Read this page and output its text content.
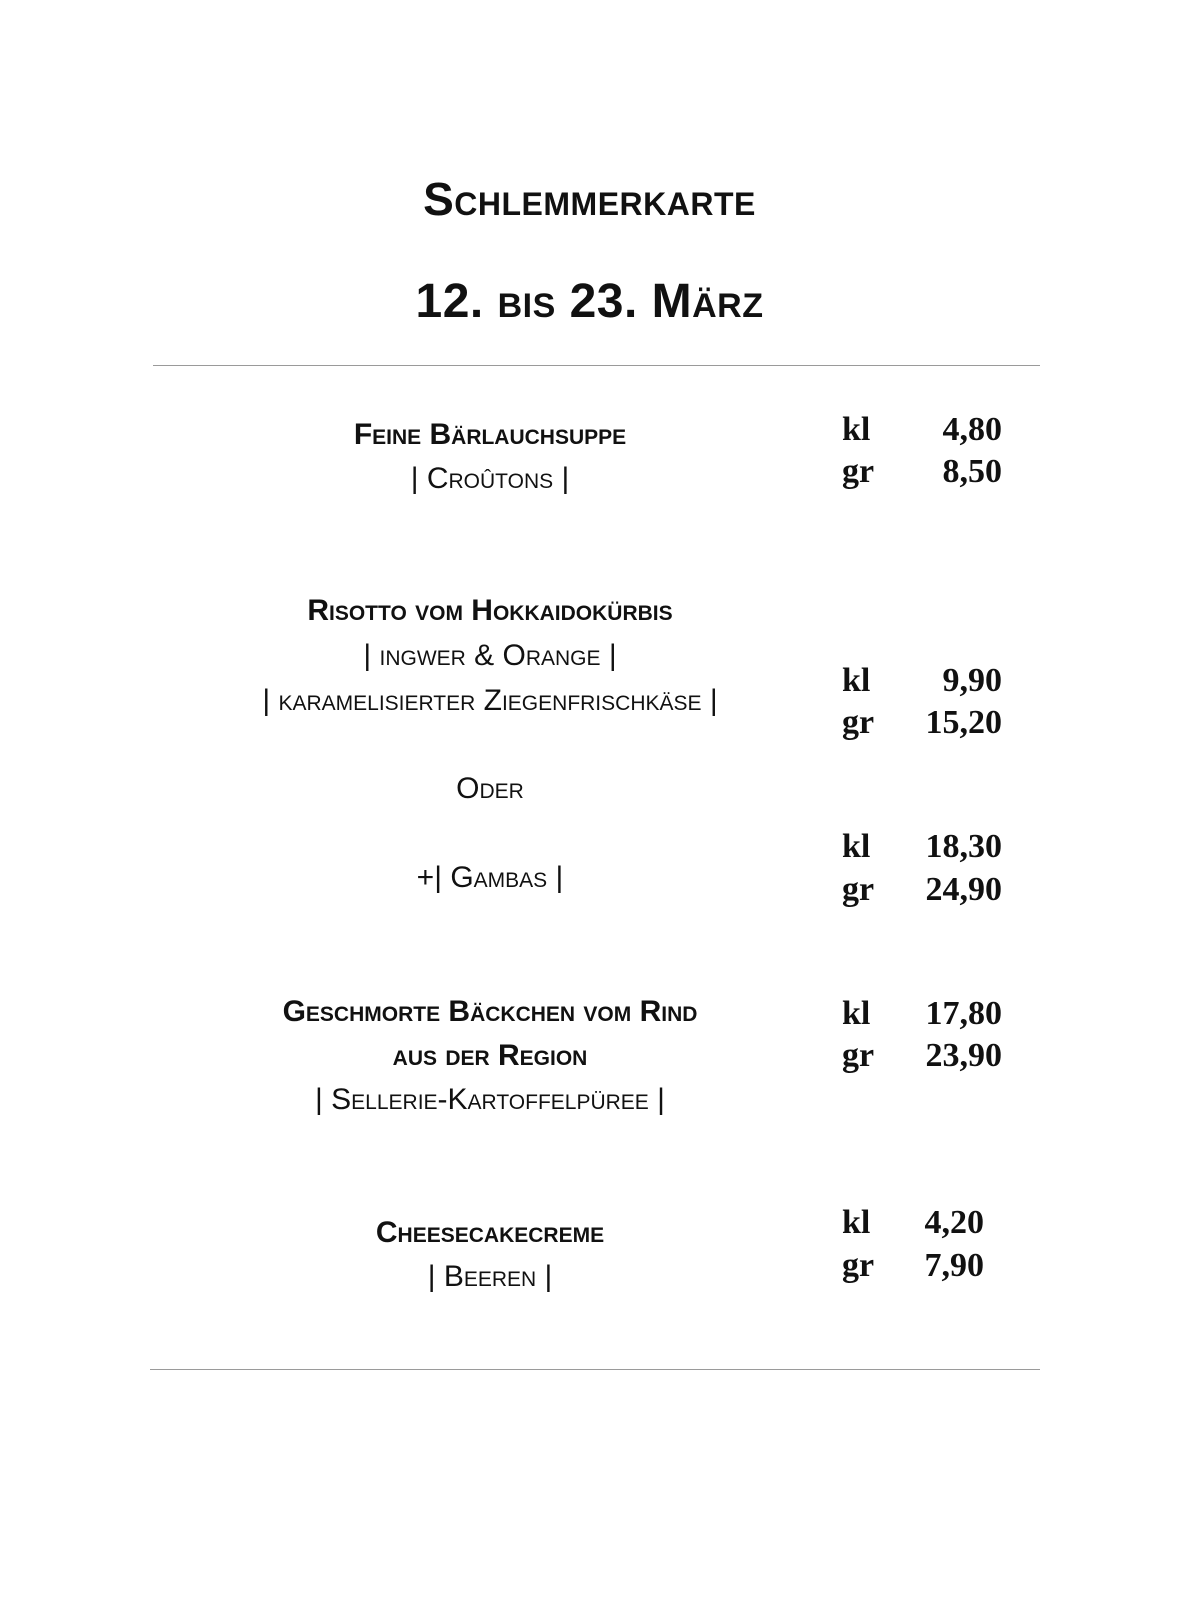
Schlemmerkarte
12. bis 23. März
Feine Bärlauchsuppe
| Croûtons |
kl 4,80
gr 8,50
Risotto vom Hokkaidokürbis
| ingwer & Orange |
| karamelisierter Ziegenfrischkäse |
kl 9,90
gr 15,20
Oder
+| Gambas |
kl 18,30
gr 24,90
Geschmorte Bäckchen vom Rind
aus der Region
| Sellerie-Kartoffelpüree |
kl 17,80
gr 23,90
Cheesecakecreme
| Beeren |
kl 4,20
gr 7,90
